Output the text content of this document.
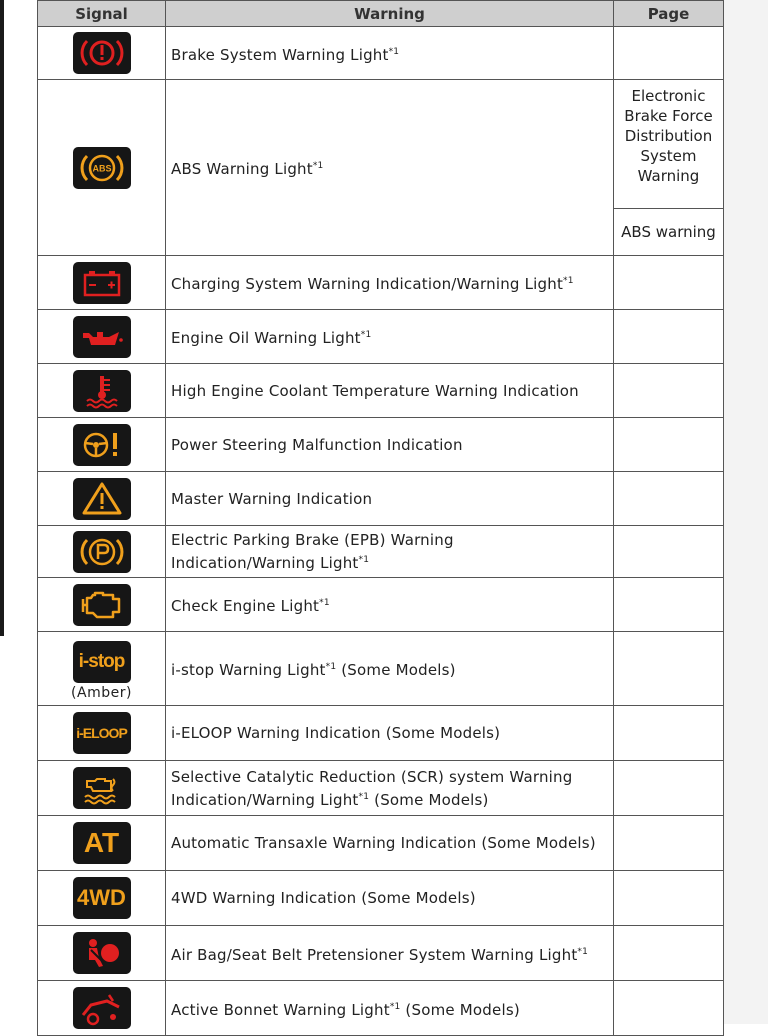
Signal	Warning	Page

	Brake System Warning Light$^{*1}$	

ABS	ABS Warning Light$^{*1}$	Electronic Brake Force Distribution System Warning
ABS warning

	Charging System Warning Indication/Warning Light$^{*1}$	

	Engine Oil Warning Light$^{*1}$	

	High Engine Coolant Temperature Warning Indication	

	Power Steering Malfunction Indication	

	Master Warning Indication	

	Electric Parking Brake (EPB) Warning
Indication/Warning Light$^{*1}$	

	Check Engine Light$^{*1}$	

i-stop
(Amber)	i-stop Warning Light$^{*1}$ (Some Models)	

i-ELOOP	i-ELOOP Warning Indication (Some Models)	

	Selective Catalytic Reduction (SCR) system Warning
Indication/Warning Light$^{*1}$ (Some Models)	

AT	Automatic Transaxle Warning Indication (Some Models)	

4WD	4WD Warning Indication (Some Models)	

	Air Bag/Seat Belt Pretensioner System Warning Light$^{*1}$	

	Active Bonnet Warning Light$^{*1}$ (Some Models)	
